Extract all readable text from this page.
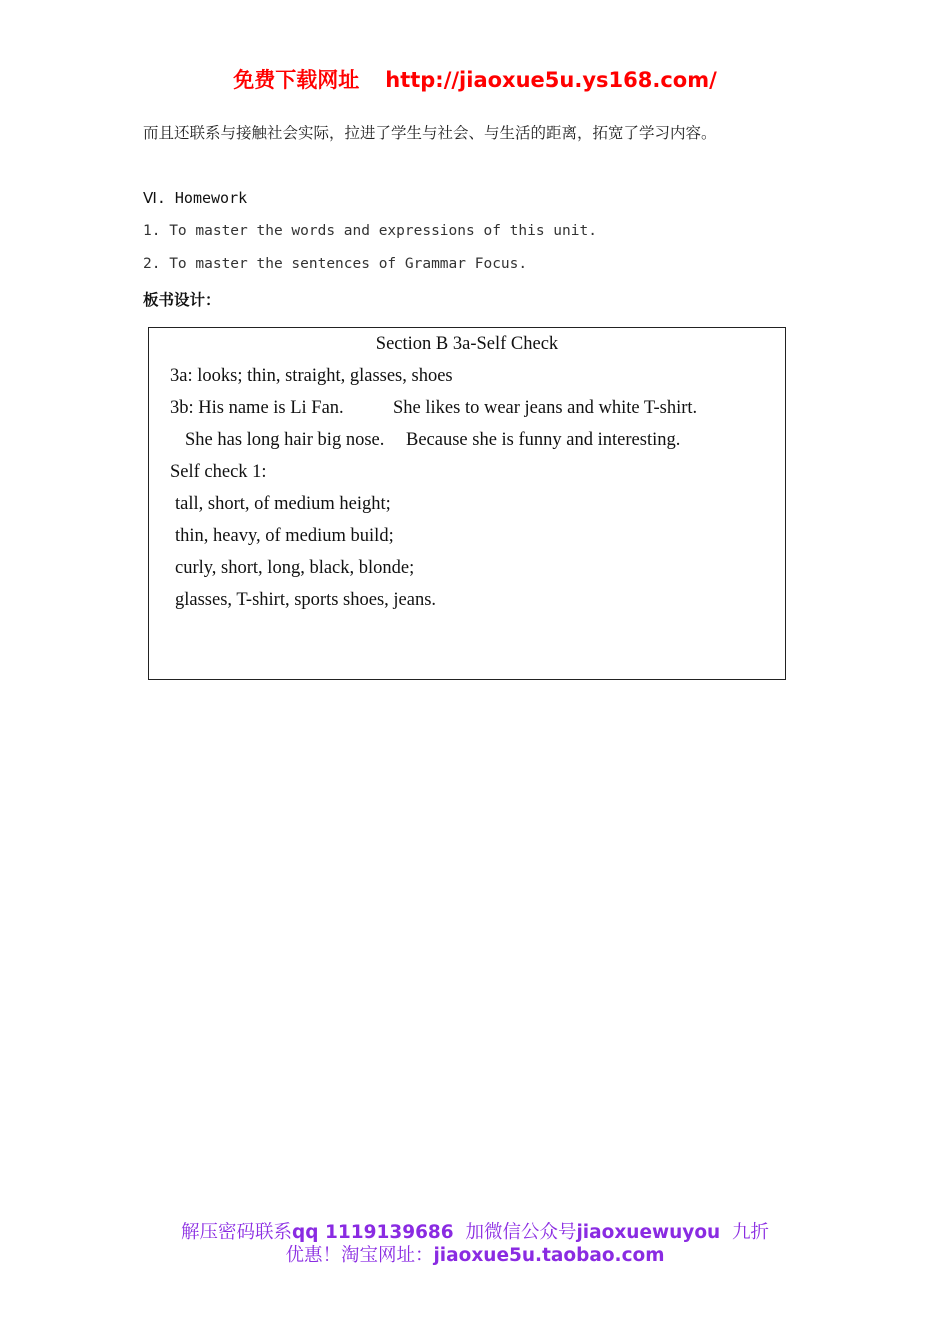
免费下载网址 http://jiaoxue5u.ys168.com/
而且还联系与接触社会实际，拉进了学生与社会、与生活的距离，拓宽了学习内容。
Ⅵ. Homework
1. To master the words and expressions of this unit.
2. To master the sentences of Grammar Focus.
板书设计：
Section B 3a-Self Check
3a: looks; thin, straight, glasses, shoes
3b: His name is Li Fan.	She likes to wear jeans and white T-shirt.
She has long hair big nose. Because she is funny and interesting.
Self check 1:
tall, short, of medium height;
thin, heavy, of medium build;
curly, short, long, black, blonde;
glasses, T-shirt, sports shoes, jeans.
解压密码联系qq 1119139686 加微信公众号jiaoxuewuyou 九折
优惠！淘宝网址：jiaoxue5u.taobao.com
